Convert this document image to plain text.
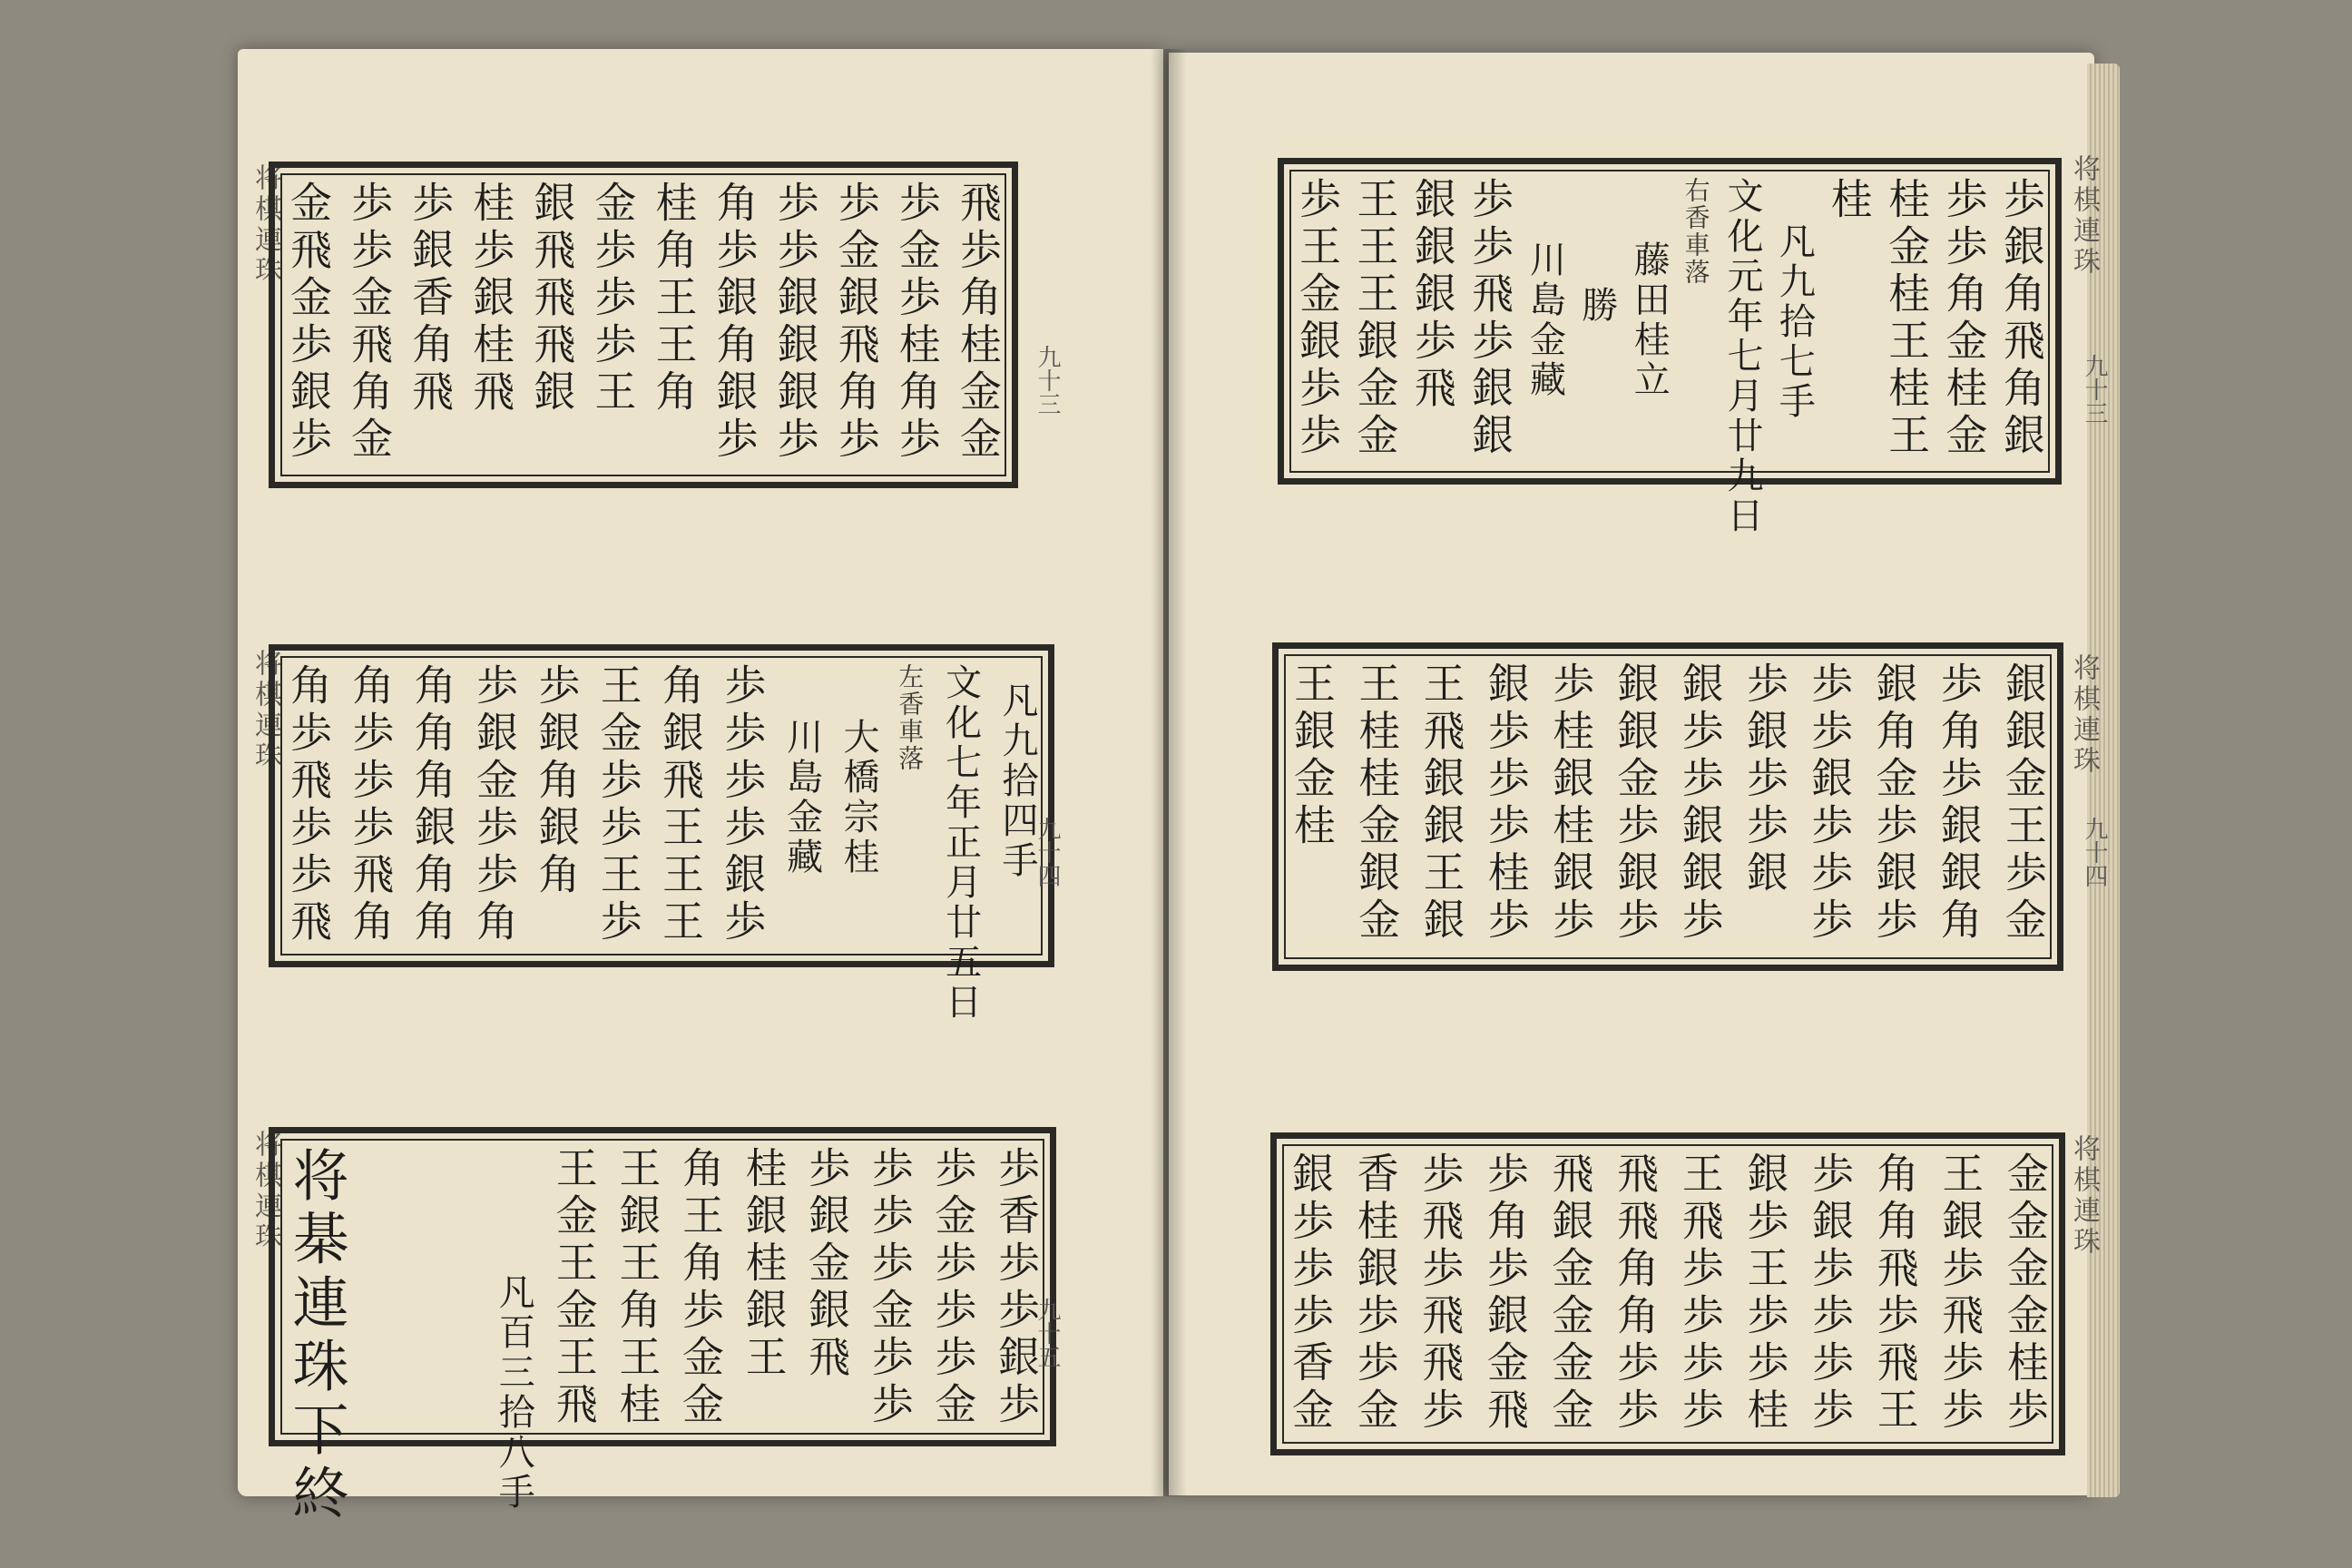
将棋連珠
将棋連珠
将棋連珠
飛歩角桂金金
歩金歩桂角歩
歩金銀飛角歩
歩歩銀銀銀歩
角歩銀角銀歩
桂角王王角
金歩歩歩王
銀飛飛飛銀
桂歩銀桂飛
歩銀香角飛
歩歩金飛角金
金飛金歩銀歩
凡九拾四手
文化七年正月廿五日
左香車落
大橋宗桂
川島金藏
歩歩歩歩銀歩
角銀飛王王王
王金歩歩王歩
歩銀角銀角
歩銀金歩歩角
角角角銀角角
角歩歩歩飛角
角歩飛歩歩飛
歩香歩歩銀歩
歩金歩歩歩金
歩歩歩金歩歩
歩銀金銀飛
桂銀桂銀王
角王角歩金金
王銀王角王桂
王金王金王飛
凡百三拾八手
将棊連珠下終
将棋連珠
将棋連珠
将棋連珠
歩銀角飛角銀
歩歩角金桂金
桂金桂王桂王
桂
凡九拾七手
文化元年七月廿九日
右香車落
藤田桂立
勝
川島金藏
歩歩飛歩銀銀
銀銀銀歩飛
王王王銀金金
歩王金銀歩歩
銀銀金王歩金
歩角歩銀銀角
銀角金歩銀歩
歩歩銀歩歩歩
歩銀歩歩銀
銀歩歩銀銀歩
銀銀金歩銀歩
歩桂銀桂銀歩
銀歩歩歩桂歩
王飛銀銀王銀
王桂桂金銀金
王銀金桂
金金金金桂歩
王銀歩飛歩歩
角角飛歩飛王
歩銀歩歩歩歩
銀歩王歩歩桂
王飛歩歩歩歩
飛飛角角歩歩
飛銀金金金金
歩角歩銀金飛
歩飛歩飛飛歩
香桂銀歩歩金
銀歩歩歩香金
九十三
九十四
九十五
九十三
九十四
